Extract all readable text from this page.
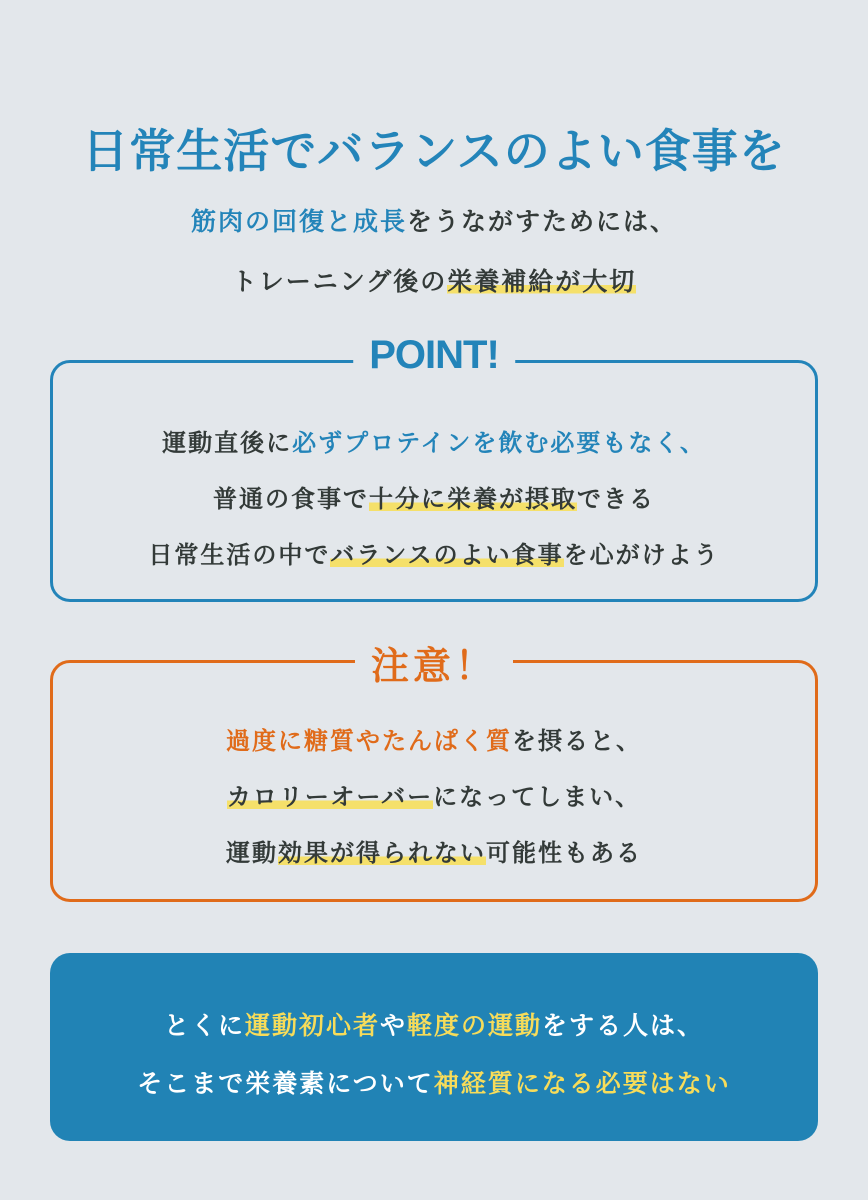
日常生活でバランスのよい食事を
筋肉の回復と成長をうながすためには、
トレーニング後の栄養補給が大切
POINT!
運動直後に必ずプロテインを飲む必要もなく、
普通の食事で十分に栄養が摂取できる
日常生活の中でバランスのよい食事を心がけよう
注意！
過度に糖質やたんぱく質を摂ると、
カロリーオーバーになってしまい、
運動効果が得られない可能性もある
とくに運動初心者や軽度の運動をする人は、
そこまで栄養素について神経質になる必要はない
